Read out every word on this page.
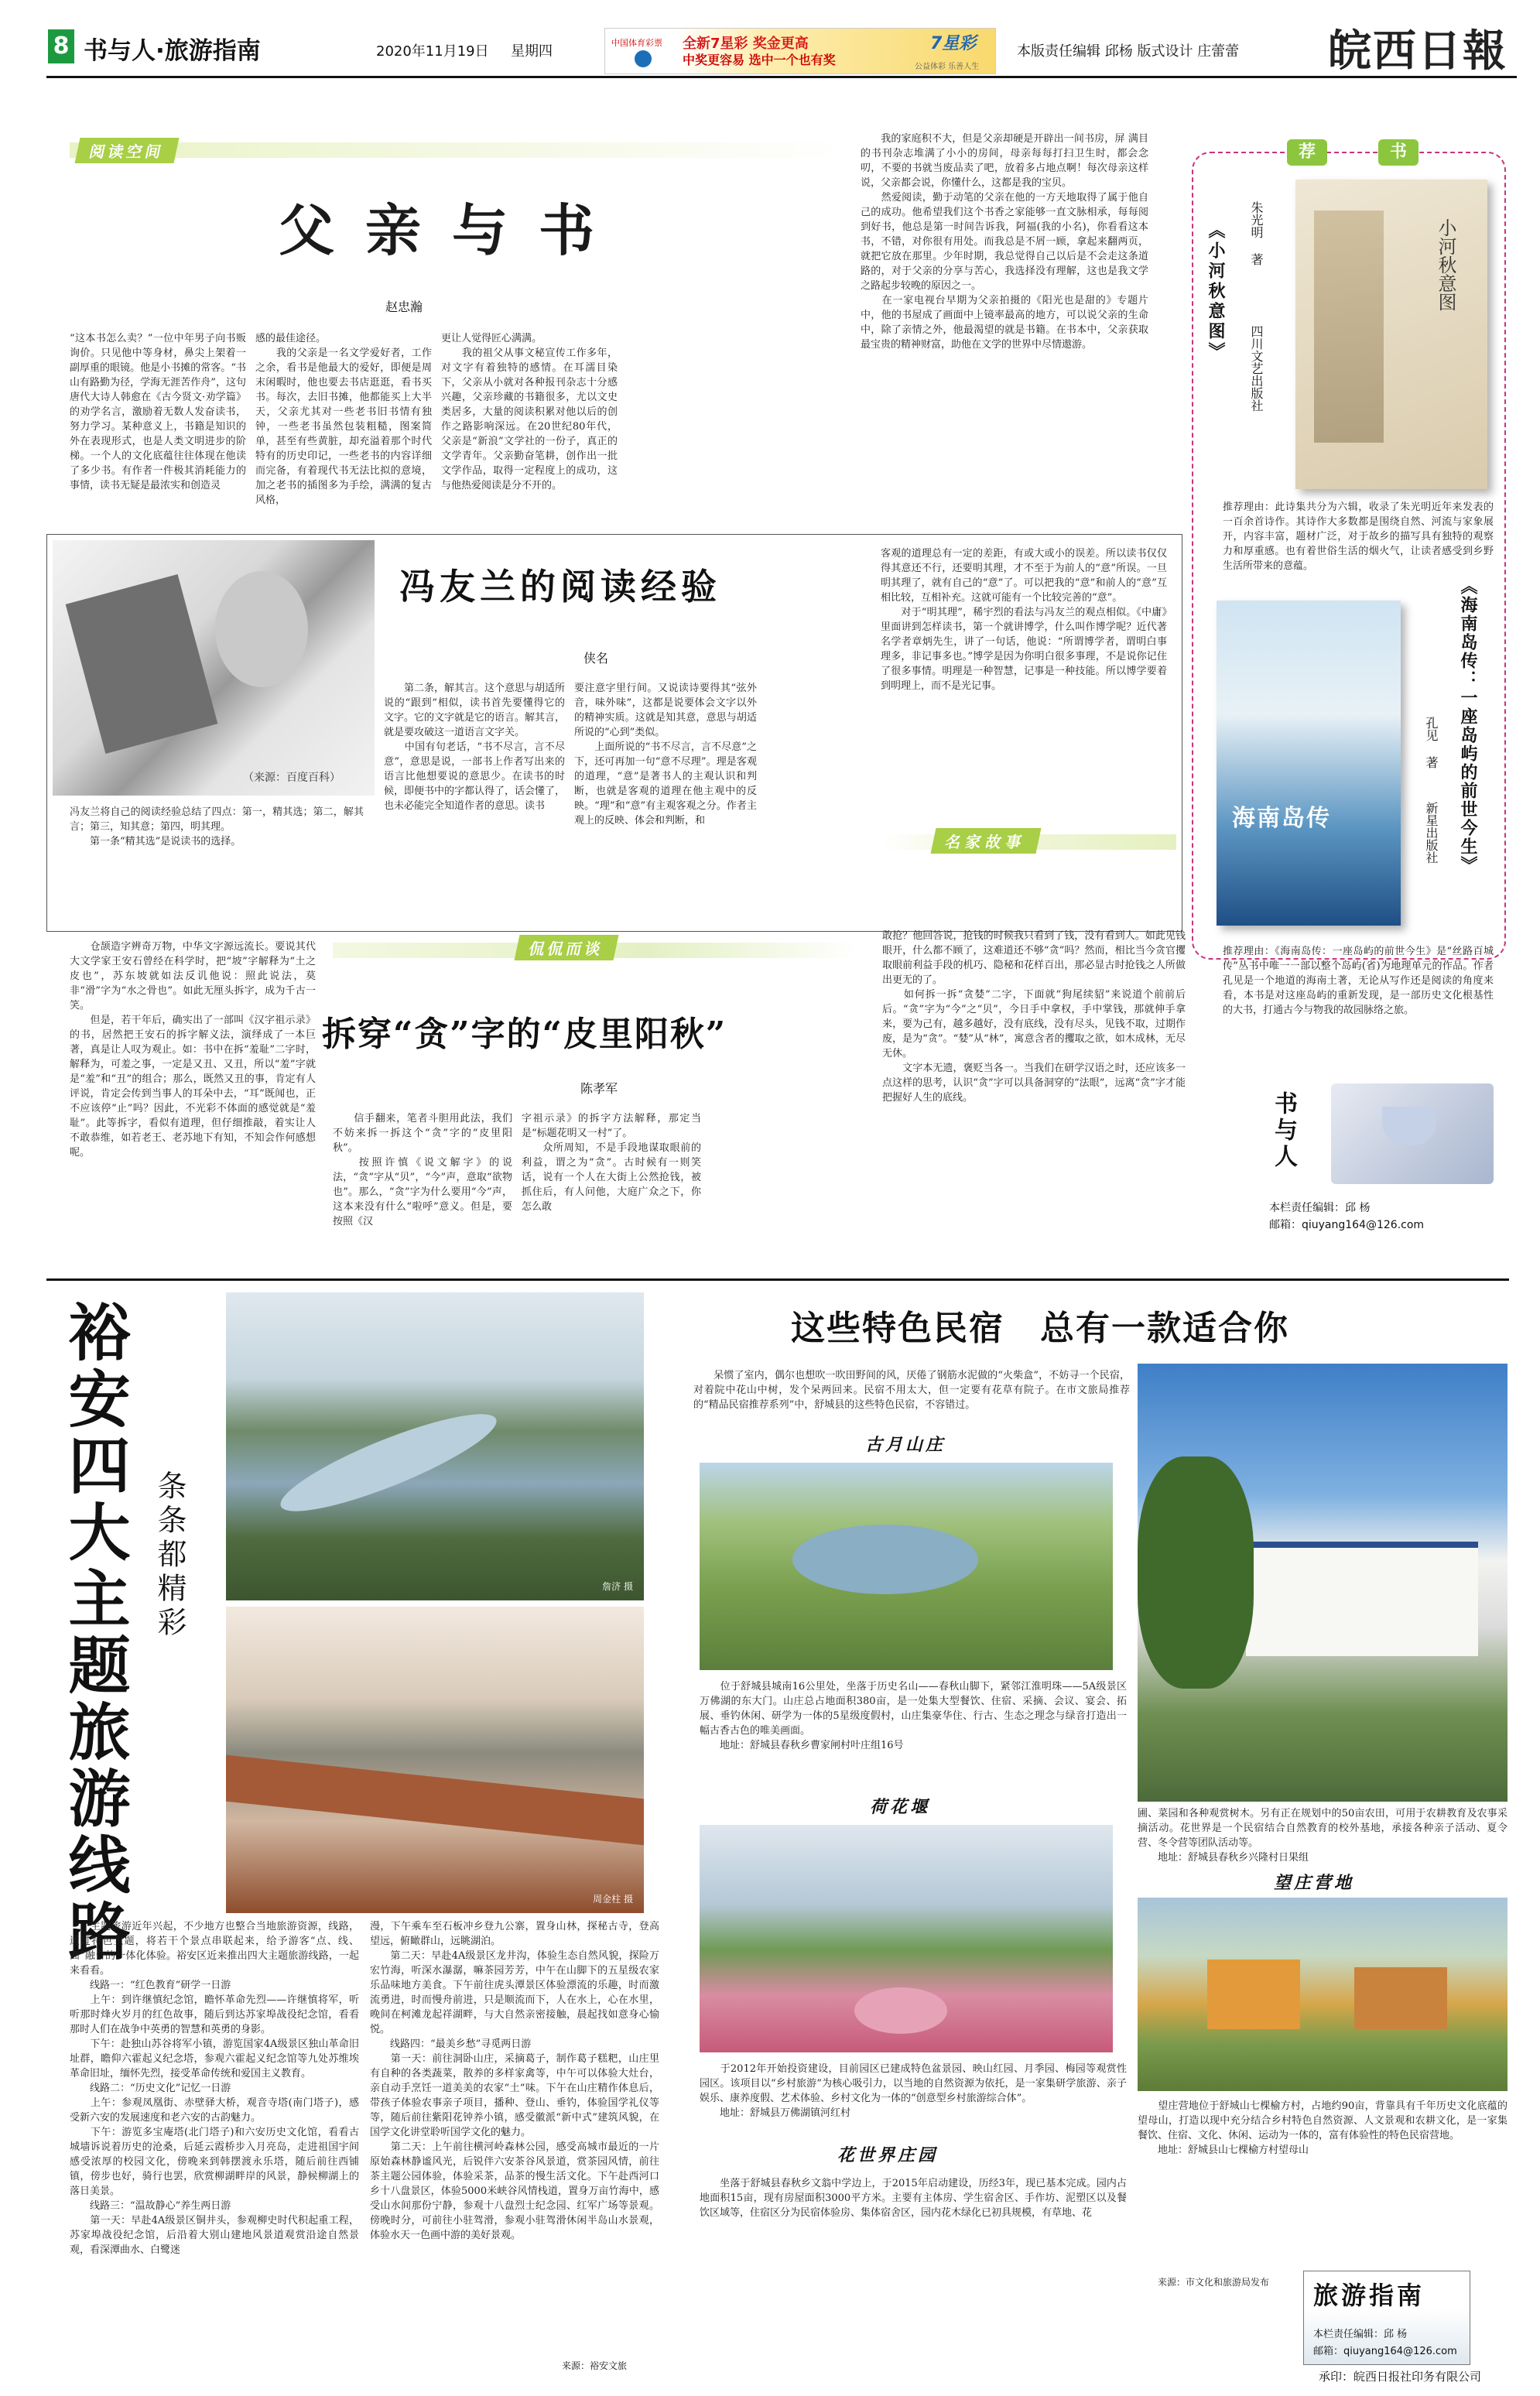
8 书与人·旅游指南	2020年11月19日 星期四
中国体育彩票 全新7星彩 奖金更高
中奖更容易 选中一个也有奖
7星彩
公益体彩 乐善人生
本版责任编辑 邱杨 版式设计 庄蕾蕾 皖西日報
阅读空间
父亲与书
赵忠瀚
“这本书怎么卖？”一位中年男子向书贩询价。只见他中等身材，鼻尖上架着一副厚重的眼镜。他是小书摊的常客。“书山有路勤为径，学海无涯苦作舟”，这句唐代大诗人韩愈在《古今贤文·劝学篇》的劝学名言，激励着无数人发奋读书，努力学习。某种意义上，书籍是知识的外在表现形式，也是人类文明进步的阶梯。一个人的文化底蕴往往体现在他读了多少书。有作者一件极其消耗能力的事情，读书无疑是最浓实和创造灵
感的最佳途径。
　　我的父亲是一名文学爱好者，工作之余，看书是他最大的爱好，即便是周末闲暇时，他也要去书店逛逛，看书买书。每次，去旧书摊，他都能买上大半天，父亲尤其对一些老书旧书情有独钟，一些老书虽然包装粗糙，图案简单，甚至有些黄脏，却充溢着那个时代特有的历史印记，一些老书的内容详细而完备，有着现代书无法比拟的意境，加之老书的插图多为手绘，满满的复古风格，
更让人觉得匠心满满。
　　我的祖父从事文秘宣传工作多年，对文字有着独特的感情。在耳濡目染下，父亲从小就对各种报刊杂志十分感兴趣，父亲珍藏的书籍很多，尤以文史类居多，大量的阅读积累对他以后的创作之路影响深远。在20世纪80年代，父亲是“新浪”文学社的一份子，真正的文学青年。父亲勤奋笔耕，创作出一批文学作品，取得一定程度上的成功，这与他热爱阅读是分不开的。
　　我的家庭积不大，但是父亲却硬是开辟出一间书房，屏 满目的书刊杂志堆满了小小的房间，母亲每每打扫卫生时，都会念叨，不要的书就当废品卖了吧，放着多占地点啊！每次母亲这样说，父亲都会说，你懂什么，这都是我的宝贝。
　　然爱阅读，勤于动笔的父亲在他的一方天地取得了属于他自己的成功。他希望我们这个书香之家能够一直文脉相承，每每阅到好书，他总是第一时间告诉我，阿福(我的小名)，你看看这本书，不错，对你很有用处。而我总是不屑一顾，拿起来翻两页，就把它放在那里。少年时期，我总觉得自己以后是不会走这条道路的，对于父亲的分享与苦心，我选择没有理解，这也是我文学之路起步较晚的原因之一。
　　在一家电视台早期为父亲拍摄的《阳光也是甜的》专题片中，他的书屋成了画面中上镜率最高的地方，可以说父亲的生命中，除了亲情之外，他最渴望的就是书籍。在书本中，父亲获取最宝贵的精神财富，助他在文学的世界中尽情遨游。
荐	书
《小河秋意图》 朱光明 著
四川文艺出版社
小河秋意图
推荐理由：此诗集共分为六辑，收录了朱光明近年来发表的一百余首诗作。其诗作大多数都是围绕自然、河流与家象展开，内容丰富，题材广泛，对于故乡的描写具有独特的观察力和厚重感。也有着世俗生活的烟火气，让读者感受到乡野生活所带来的意蕴。
海南岛传	《海南岛传：一座岛屿的前世今生》
孔见 著
新星出版社
推荐理由：《海南岛传：一座岛屿的前世今生》是“丝路百城传”丛书中唯一一部以整个岛屿(省)为地理单元的作品。作者孔见是一个地道的海南土著，无论从写作还是阅读的角度来看，本书是对这座岛屿的重新发现，是一部历史文化根基性的大书，打通古今与物我的故园脉络之旅。
（来源：百度百科）
冯友兰将自己的阅读经验总结了四点：第一，精其选；第二，解其言；第三，知其意；第四，明其理。
　　第一条“精其选”是说读书的选择。
冯友兰的阅读经验
侠名
　　第二条，解其言。这个意思与胡适所说的“跟到”相似，读书首先要懂得它的文字。它的文字就是它的语言。解其言，就是要攻破这一道语言文字关。
　　中国有句老话，“书不尽言，言不尽意”，意思是说，一部书上作者写出来的语言比他想要说的意思少。在读书的时候，即便书中的字都认得了，话会懂了，也未必能完全知道作者的意思。读书
要注意字里行间。又说读诗要得其“弦外音，味外味”，这都是说要体会文字以外的精神实质。这就是知其意，意思与胡适所说的“心到”类似。
　　上面所说的“书不尽言，言不尽意”之下，还可再加一句“意不尽理”。理是客观的道理，“意”是著书人的主观认识和判断，也就是客观的道理在他主观中的反映。“理”和“意”有主观客观之分。作者主观上的反映、体会和判断，和
客观的道理总有一定的差距，有或大或小的误差。所以读书仅仅得其意还不行，还要明其理，才不至于为前人的“意”所误。一旦明其理了，就有自己的“意”了。可以把我的“意”和前人的“意”互相比较，互相补充。这就可能有一个比较完善的“意”。
　　对于“明其理”，稀宇烈的看法与冯友兰的观点相似。《中庸》里面讲到怎样读书，第一个就讲博学，什么叫作博学呢？近代著名学者章炳先生，讲了一句话，他说：“所谓博学者，谓明白事理多，非记事多也。”博学是因为你明白很多事理，不是说你记住了很多事情。明理是一种智慧，记事是一种技能。所以博学要着到明理上，而不是光记事。
名家故事
　　仓颉造字辨奇万物，中华文字源远流长。要说其代大文学家王安石曾经在科学时，把“坡”字解释为“土之皮也”，苏东坡就如法反讥他说：照此说法，莫非“滑”字为“水之骨也”。如此无厘头拆字，成为千古一笑。
　　但是，若干年后，确实出了一部叫《汉字祖示录》的书，居然把王安石的拆字解义法，演绎成了一本巨著，真是让人叹为观止。如：书中在拆“羞耻”二字时，解释为，可羞之事，一定是又丑、又丑，所以“羞”字就是“羞”和“丑”的组合；那么，既然又丑的事，肯定有人评说，肯定会传到当事人的耳朵中去，“耳”既闻也，正不应该停“止”吗？因此，不光彩不体面的感觉就是“羞耻”。此等拆字，看似有道理，但仔细推敲，着实让人不敢恭维，如若老王、老苏地下有知，不知会作何感想呢。
侃侃而谈
拆穿“贪”字的“皮里阳秋”
陈孝军
　　信手翻来，笔者斗胆用此法，我们不妨来拆一拆这个“贪”字的“皮里阳秋”。
　　按照许慎《说文解字》的说法，“贪”字从“贝”，“今”声，意取“欲物也”。那么，“贪”字为什么要用“今”声，这本来没有什么“啦呼”意义。但是，要按照《汉
字祖示录》的拆字方法解释，那定当是“标题花明又一村”了。
　　众所周知，不是手段地谋取眼前的利益，谓之为“贪”。古时候有一则笑话，说有一个人在大街上公然抢钱，被抓住后，有人问他，大庭广众之下，你怎么敢
敢抢？他回答说，抢钱的时候我只看到了钱，没有看到人。如此见钱眼开，什么都不顾了，这难道还不够“贪”吗？然而，相比当今贪官攫取眼前利益手段的机巧、隐秘和花样百出，那必显古时抢钱之人所做出更无的了。
　　如何拆一拆“贪婪”二字，下面就“狗尾续貂”来说道个前前后后。“贪”字为“今”之“贝”，今日手中拿权，手中掌钱，那就伸手拿来，要为己有，越多越好，没有底线，没有尽头，见钱不取，过期作废，是为“贪”。“婪”从“林”，寓意含者的攫取之欲，如木成林，无尽无休。
　　文字本无遗，褒贬当各一。当我们在研学汉语之时，还应该多一点这样的思考，认识“贪”字可以具备洞穿的“法眼”，远离“贪”字才能把握好人生的底线。	书与人
本栏责任编辑：邱 杨
邮箱：qiuyang164@126.com
裕安四大主题旅游线路 条条都精彩	詹济 摄
周金柱 摄
　　主题旅游近年兴起，不少地方也整合当地旅游资源，线路，通过特色主题，将若干个景点串联起来，给予游客“点、线、面”融合的一体化体验。裕安区近来推出四大主题旅游线路，一起来看看。
　　线路一：“红色教育”研学一日游
　　上午：到许继慎纪念馆，瞻怀革命先烈——许继慎将军，听听那时烽火岁月的红色故事，随后到达苏家埠战役纪念馆，看看那时人们在战争中英勇的智慧和英勇的身影。
　　下午：赴独山苏谷将军小镇，游览国家4A级景区独山革命旧址群，瞻仰六霍起义纪念塔，参观六霍起义纪念馆等九处苏维埃革命旧址，缅怀先烈，接受革命传统和爱国主义教育。
　　线路二：“历史文化”记忆一日游
　　上午：参观凤凰街、赤壁驿大桥，观音寺塔(南门塔子)，感受新六安的发展速度和老六安的古韵魅力。
　　下午：游览多宝庵塔(北门塔子)和六安历史文化馆，看看古城墙诉说着历史的沧桑，后延云霞桥步入月亮岛，走进祖国宇间感受浓厚的校园文化，傍晚来到韩摆渡永乐塔，随后前往西铺镇，傍步也好，骑行也罢，欣赏柳湖畔岸的风景，静候柳湖上的落日美景。
　　线路三：“温故静心”养生两日游
　　第一天：早赴4A级景区铜井头，参观柳史时代积起重工程，苏家埠战役纪念馆，后沿着大别山建地风景道观赏沿途自然景观，看深潭曲水、白鹭迷
漫，下午乘车至石板冲乡登九公寨，置身山林，探秘古寺，登高望远，俯瞰群山，远眺湖泊。
　　第二天：早赴4A级景区龙井沟，体验生态自然风貌，探险万宏竹海，听深水瀑潺，嘛茶园芳芳，中午在山脚下的五星级农家乐品味地方美食。下午前往虎头潭景区体验漂流的乐趣，时而激流勇进，时而慢舟前进，只是顺流而下，人在水上，心在水里，晚间在柯滩龙起祥湖畔，与大自然亲密接触，晨起找如意身心愉悦。
　　线路四：“最美乡愁”寻觅两日游
　　第一天：前往洞卧山庄，采摘葛子，制作葛子糕粑，山庄里有自种的各类蔬菜，散养的多样家禽等，中午可以体验大灶台，亲自动手烹饪一道美美的农家“土”味。下午在山庄精作体息后，带孩子体验农事亲子项目，播种、登山、垂钓，体验国学礼仪等等，随后前往紫阳花钟养小镇，感受徽派“新中式”建筑风貌，在国学文化讲堂聆听国学文化的魅力。
　　第二天：上午前往横河岭森林公园，感受高城市最近的一片原始森林静谧风光，后锐伴六安茶谷风景道，赏茶园风情，前往茶主题公园体验，体验采茶，品茶的慢生活文化。下午赴西河口乡十八盘景区，体验5000米峡谷风情栈道，置身万亩竹海中，感受山水间那份宁静，参观十八盘烈士纪念园、红军广场等景观。傍晚时分，可前往小驻驾滑，参观小驻驾滑休闲半岛山水景观，体验水天一色画中游的美好景观。
来源：裕安文旅
这些特色民宿　总有一款适合你
　　呆惯了室内，偶尔也想吹一吹田野间的风，厌倦了钢筋水泥做的“火柴盒”，不妨寻一个民宿，对着院中花山中树，发个呆两回来。民宿不用太大，但一定要有花草有院子。在市文旅局推荐的“精品民宿推荐系列”中，舒城县的这些特色民宿，不容错过。
古月山庄
　　位于舒城县城南16公里处，坐落于历史名山——春秋山脚下，紧邻江淮明珠——5A级景区万佛湖的东大门。山庄总占地面积380亩，是一处集大型餐饮、住宿、采摘、会议、宴会、拓展、垂钓休闲、研学为一体的5星级度假村，山庄集豪华住、行古、生态之理念与绿音打造出一幅古香古色的唯美画面。
　　地址：舒城县春秋乡曹家闸村叶庄组16号
荷花堰
　　于2012年开始投资建设，目前园区已建成特色盆景园、映山红园、月季园、梅园等观赏性园区。该项目以“乡村旅游”为核心吸引力，以当地的自然资源为依托，是一家集研学旅游、亲子娱乐、康养度假、艺术体验、乡村文化为一体的“创意型乡村旅游综合体”。
　　地址：舒城县万佛湖镇河红村
花世界庄园
　　坐落于舒城县春秋乡文翁中学边上，于2015年启动建设，历经3年，现已基本完成。园内占地面积15亩，现有房屋面积3000平方米。主要有主体房、学生宿舍区、手作坊、泥塑区以及餐饮区域等，住宿区分为民宿体验房、集体宿舍区，园内花木绿化已初具规模，有草地、花
圃、菜园和各种观赏树木。另有正在规划中的50亩农田，可用于农耕教育及农事采摘活动。花世界是一个民宿结合自然教育的校外基地，承接各种亲子活动、夏令营、冬令营等团队活动等。
　　地址：舒城县春秋乡兴隆村日果组
望庄营地
　　望庄营地位于舒城山七棵榆方村，占地约90亩，背靠具有千年历史文化底蕴的望母山，打造以现中充分结合乡村特色自然资源、人文景观和农耕文化，是一家集餐饮、住宿、文化、休闲、运动为一体的，富有体验性的特色民宿营地。
　　地址：舒城县山七棵榆方村望母山
旅游指南
本栏责任编辑：邱 杨
邮箱：qiuyang164@126.com
来源：市文化和旅游局发布
承印：皖西日报社印务有限公司
